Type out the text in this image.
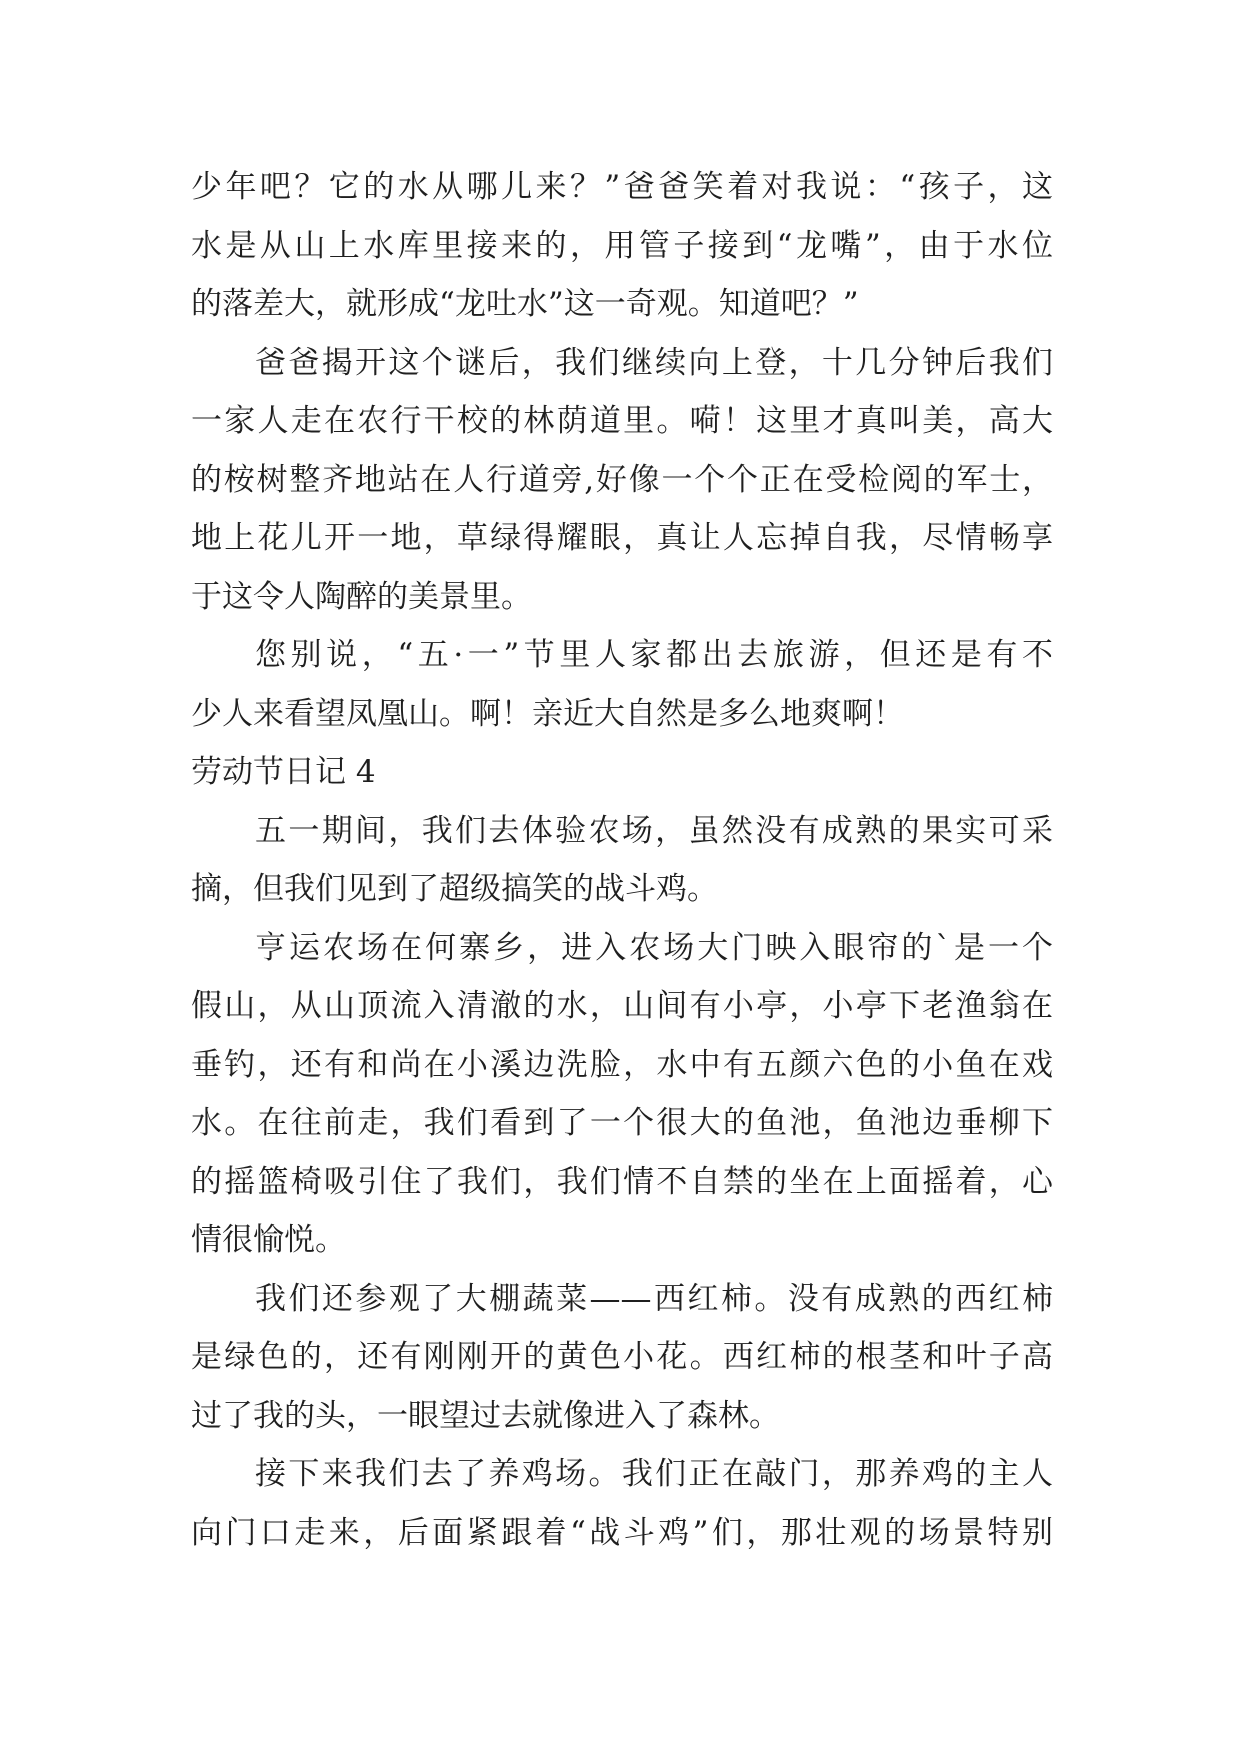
少年吧？它的水从哪儿来？”爸爸笑着对我说：“孩子，这
水是从山上水库里接来的，用管子接到“龙嘴”，由于水位
的落差大，就形成“龙吐水”这一奇观。知道吧？”
爸爸揭开这个谜后，我们继续向上登，十几分钟后我们
一家人走在农行干校的林荫道里。嗬！这里才真叫美，高大
的桉树整齐地站在人行道旁,好像一个个正在受检阅的军士，
地上花儿开一地，草绿得耀眼，真让人忘掉自我，尽情畅享
于这令人陶醉的美景里。
您别说，“五·一”节里人家都出去旅游，但还是有不
少人来看望凤凰山。啊！亲近大自然是多么地爽啊！
劳动节日记 4
五一期间，我们去体验农场，虽然没有成熟的果实可采
摘，但我们见到了超级搞笑的战斗鸡。
亨运农场在何寨乡，进入农场大门映入眼帘的`是一个
假山，从山顶流入清澈的水，山间有小亭，小亭下老渔翁在
垂钓，还有和尚在小溪边洗脸，水中有五颜六色的小鱼在戏
水。在往前走，我们看到了一个很大的鱼池，鱼池边垂柳下
的摇篮椅吸引住了我们，我们情不自禁的坐在上面摇着，心
情很愉悦。
我们还参观了大棚蔬菜——西红柿。没有成熟的西红柿
是绿色的，还有刚刚开的黄色小花。西红柿的根茎和叶子高
过了我的头，一眼望过去就像进入了森林。
接下来我们去了养鸡场。我们正在敲门，那养鸡的主人
向门口走来，后面紧跟着“战斗鸡”们，那壮观的场景特别
